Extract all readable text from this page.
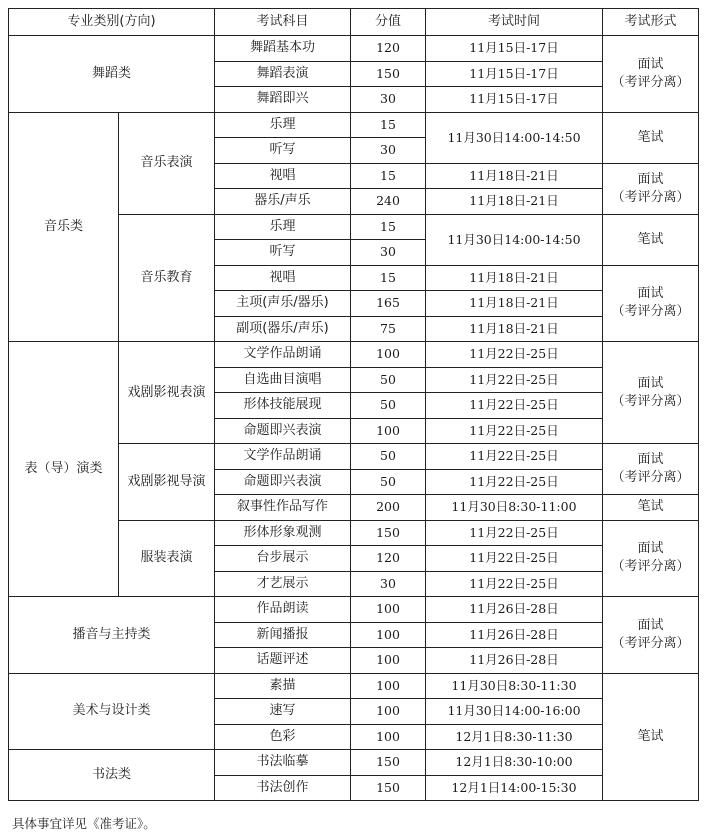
专业类别(方向)		考试科目	分值	考试时间	考试形式
舞蹈类		舞蹈基本功	120	11月15日-17日	面试
（考评分离）
		舞蹈表演	150	11月15日-17日	
		舞蹈即兴	30	11月15日-17日	
音乐类	音乐表演	乐理	15	11月30日14:00-14:50	笔试
		听写	30		
		视唱	15	11月18日-21日	面试
（考评分离）
		器乐/声乐	240	11月18日-21日	
	音乐教育	乐理	15	11月30日14:00-14:50	笔试
		听写	30		
		视唱	15	11月18日-21日	面试
（考评分离）
		主项(声乐/器乐)	165	11月18日-21日	
		副项(器乐/声乐)	75	11月18日-21日	
表（导）演类	戏剧影视表演	文学作品朗诵	100	11月22日-25日	面试
（考评分离）
		自选曲目演唱	50	11月22日-25日	
		形体技能展现	50	11月22日-25日	
		命题即兴表演	100	11月22日-25日	
	戏剧影视导演	文学作品朗诵	50	11月22日-25日	面试
（考评分离）
		命题即兴表演	50	11月22日-25日	
		叙事性作品写作	200	11月30日8:30-11:00	笔试
	服装表演	形体形象观测	150	11月22日-25日	面试
（考评分离）
		台步展示	120	11月22日-25日	
		才艺展示	30	11月22日-25日	
播音与主持类		作品朗读	100	11月26日-28日	面试
（考评分离）
		新闻播报	100	11月26日-28日	
		话题评述	100	11月26日-28日	
美术与设计类		素描	100	11月30日8:30-11:30	笔试
		速写	100	11月30日14:00-16:00	
		色彩	100	12月1日8:30-11:30	
书法类		书法临摹	150	12月1日8:30-10:00	
		书法创作	150	12月1日14:00-15:30	
具体事宜详见《准考证》。
